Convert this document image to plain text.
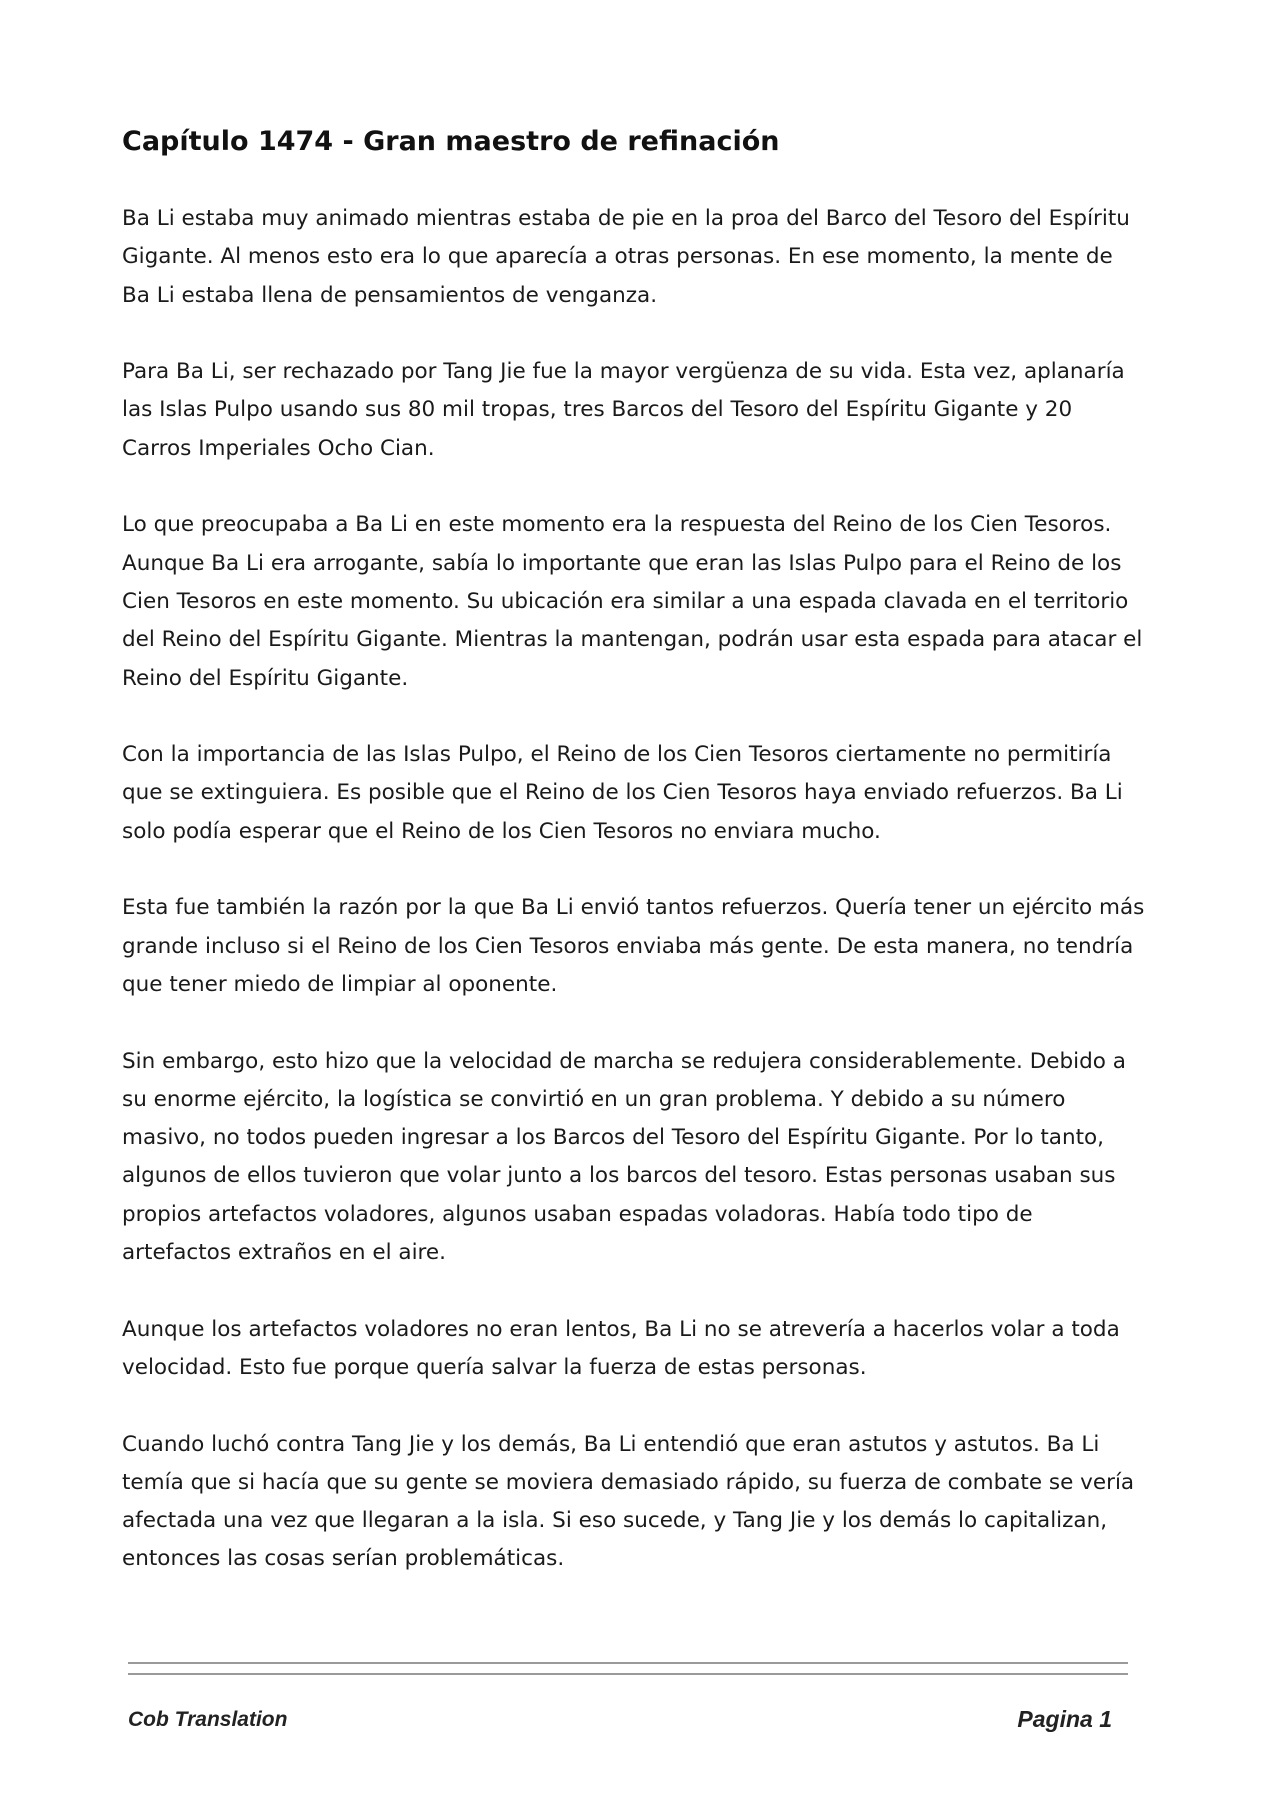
Capítulo 1474 - Gran maestro de refinación

Ba Li estaba muy animado mientras estaba de pie en la proa del Barco del Tesoro del Espíritu Gigante. Al menos esto era lo que aparecía a otras personas. En ese momento, la mente de Ba Li estaba llena de pensamientos de venganza.

Para Ba Li, ser rechazado por Tang Jie fue la mayor vergüenza de su vida. Esta vez, aplanaría las Islas Pulpo usando sus 80 mil tropas, tres Barcos del Tesoro del Espíritu Gigante y 20 Carros Imperiales Ocho Cian.

Lo que preocupaba a Ba Li en este momento era la respuesta del Reino de los Cien Tesoros. Aunque Ba Li era arrogante, sabía lo importante que eran las Islas Pulpo para el Reino de los Cien Tesoros en este momento. Su ubicación era similar a una espada clavada en el territorio del Reino del Espíritu Gigante. Mientras la mantengan, podrán usar esta espada para atacar el Reino del Espíritu Gigante.

Con la importancia de las Islas Pulpo, el Reino de los Cien Tesoros ciertamente no permitiría que se extinguiera. Es posible que el Reino de los Cien Tesoros haya enviado refuerzos. Ba Li solo podía esperar que el Reino de los Cien Tesoros no enviara mucho.

Esta fue también la razón por la que Ba Li envió tantos refuerzos. Quería tener un ejército más grande incluso si el Reino de los Cien Tesoros enviaba más gente. De esta manera, no tendría que tener miedo de limpiar al oponente.

Sin embargo, esto hizo que la velocidad de marcha se redujera considerablemente. Debido a su enorme ejército, la logística se convirtió en un gran problema. Y debido a su número masivo, no todos pueden ingresar a los Barcos del Tesoro del Espíritu Gigante. Por lo tanto, algunos de ellos tuvieron que volar junto a los barcos del tesoro. Estas personas usaban sus propios artefactos voladores, algunos usaban espadas voladoras. Había todo tipo de artefactos extraños en el aire.

Aunque los artefactos voladores no eran lentos, Ba Li no se atrevería a hacerlos volar a toda velocidad. Esto fue porque quería salvar la fuerza de estas personas.

Cuando luchó contra Tang Jie y los demás, Ba Li entendió que eran astutos y astutos. Ba Li temía que si hacía que su gente se moviera demasiado rápido, su fuerza de combate se vería afectada una vez que llegaran a la isla. Si eso sucede, y Tang Jie y los demás lo capitalizan, entonces las cosas serían problemáticas.

Cob Translation	Pagina 1
